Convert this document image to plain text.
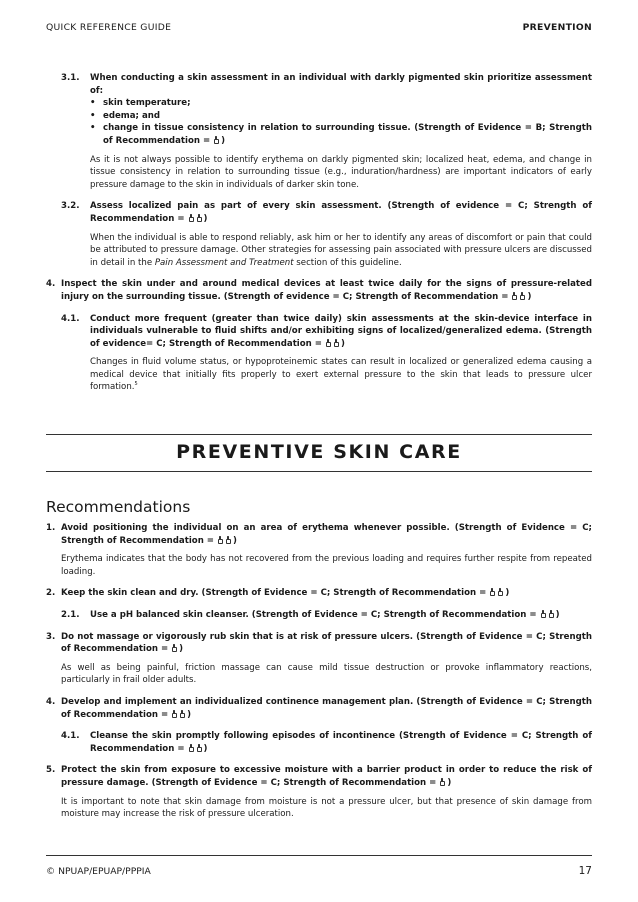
QUICK REFERENCE GUIDE	PREVENTION
3.1. When conducting a skin assessment in an individual with darkly pigmented skin prioritize assessment of:
• skin temperature;
• edema; and
• change in tissue consistency in relation to surrounding tissue. (Strength of Evidence = B; Strength of Recommendation = )
As it is not always possible to identify erythema on darkly pigmented skin; localized heat, edema, and change in tissue consistency in relation to surrounding tissue (e.g., induration/hardness) are important indicators of early pressure damage to the skin in individuals of darker skin tone.
3.2. Assess localized pain as part of every skin assessment. (Strength of evidence = C; Strength of Recommendation = )
When the individual is able to respond reliably, ask him or her to identify any areas of discomfort or pain that could be attributed to pressure damage. Other strategies for assessing pain associated with pressure ulcers are discussed in detail in the Pain Assessment and Treatment section of this guideline.
4. Inspect the skin under and around medical devices at least twice daily for the signs of pressure-related injury on the surrounding tissue. (Strength of evidence = C; Strength of Recommendation = )
4.1. Conduct more frequent (greater than twice daily) skin assessments at the skin-device interface in individuals vulnerable to fluid shifts and/or exhibiting signs of localized/generalized edema. (Strength of evidence= C; Strength of Recommendation = )
Changes in fluid volume status, or hypoproteinemic states can result in localized or generalized edema causing a medical device that initially fits properly to exert external pressure to the skin that leads to pressure ulcer formation.$^5$
PREVENTIVE SKIN CARE
Recommendations
1. Avoid positioning the individual on an area of erythema whenever possible. (Strength of Evidence = C; Strength of Recommendation = )
Erythema indicates that the body has not recovered from the previous loading and requires further respite from repeated loading.
2. Keep the skin clean and dry. (Strength of Evidence = C; Strength of Recommendation = )
2.1. Use a pH balanced skin cleanser. (Strength of Evidence = C; Strength of Recommendation = )
3. Do not massage or vigorously rub skin that is at risk of pressure ulcers. (Strength of Evidence = C; Strength of Recommendation = )
As well as being painful, friction massage can cause mild tissue destruction or provoke inflammatory reactions, particularly in frail older adults.
4. Develop and implement an individualized continence management plan. (Strength of Evidence = C; Strength of Recommendation = )
4.1. Cleanse the skin promptly following episodes of incontinence (Strength of Evidence = C; Strength of Recommendation = )
5. Protect the skin from exposure to excessive moisture with a barrier product in order to reduce the risk of pressure damage. (Strength of Evidence = C; Strength of Recommendation = )
It is important to note that skin damage from moisture is not a pressure ulcer, but that presence of skin damage from moisture may increase the risk of pressure ulceration.
© NPUAP/EPUAP/PPPIA	17
